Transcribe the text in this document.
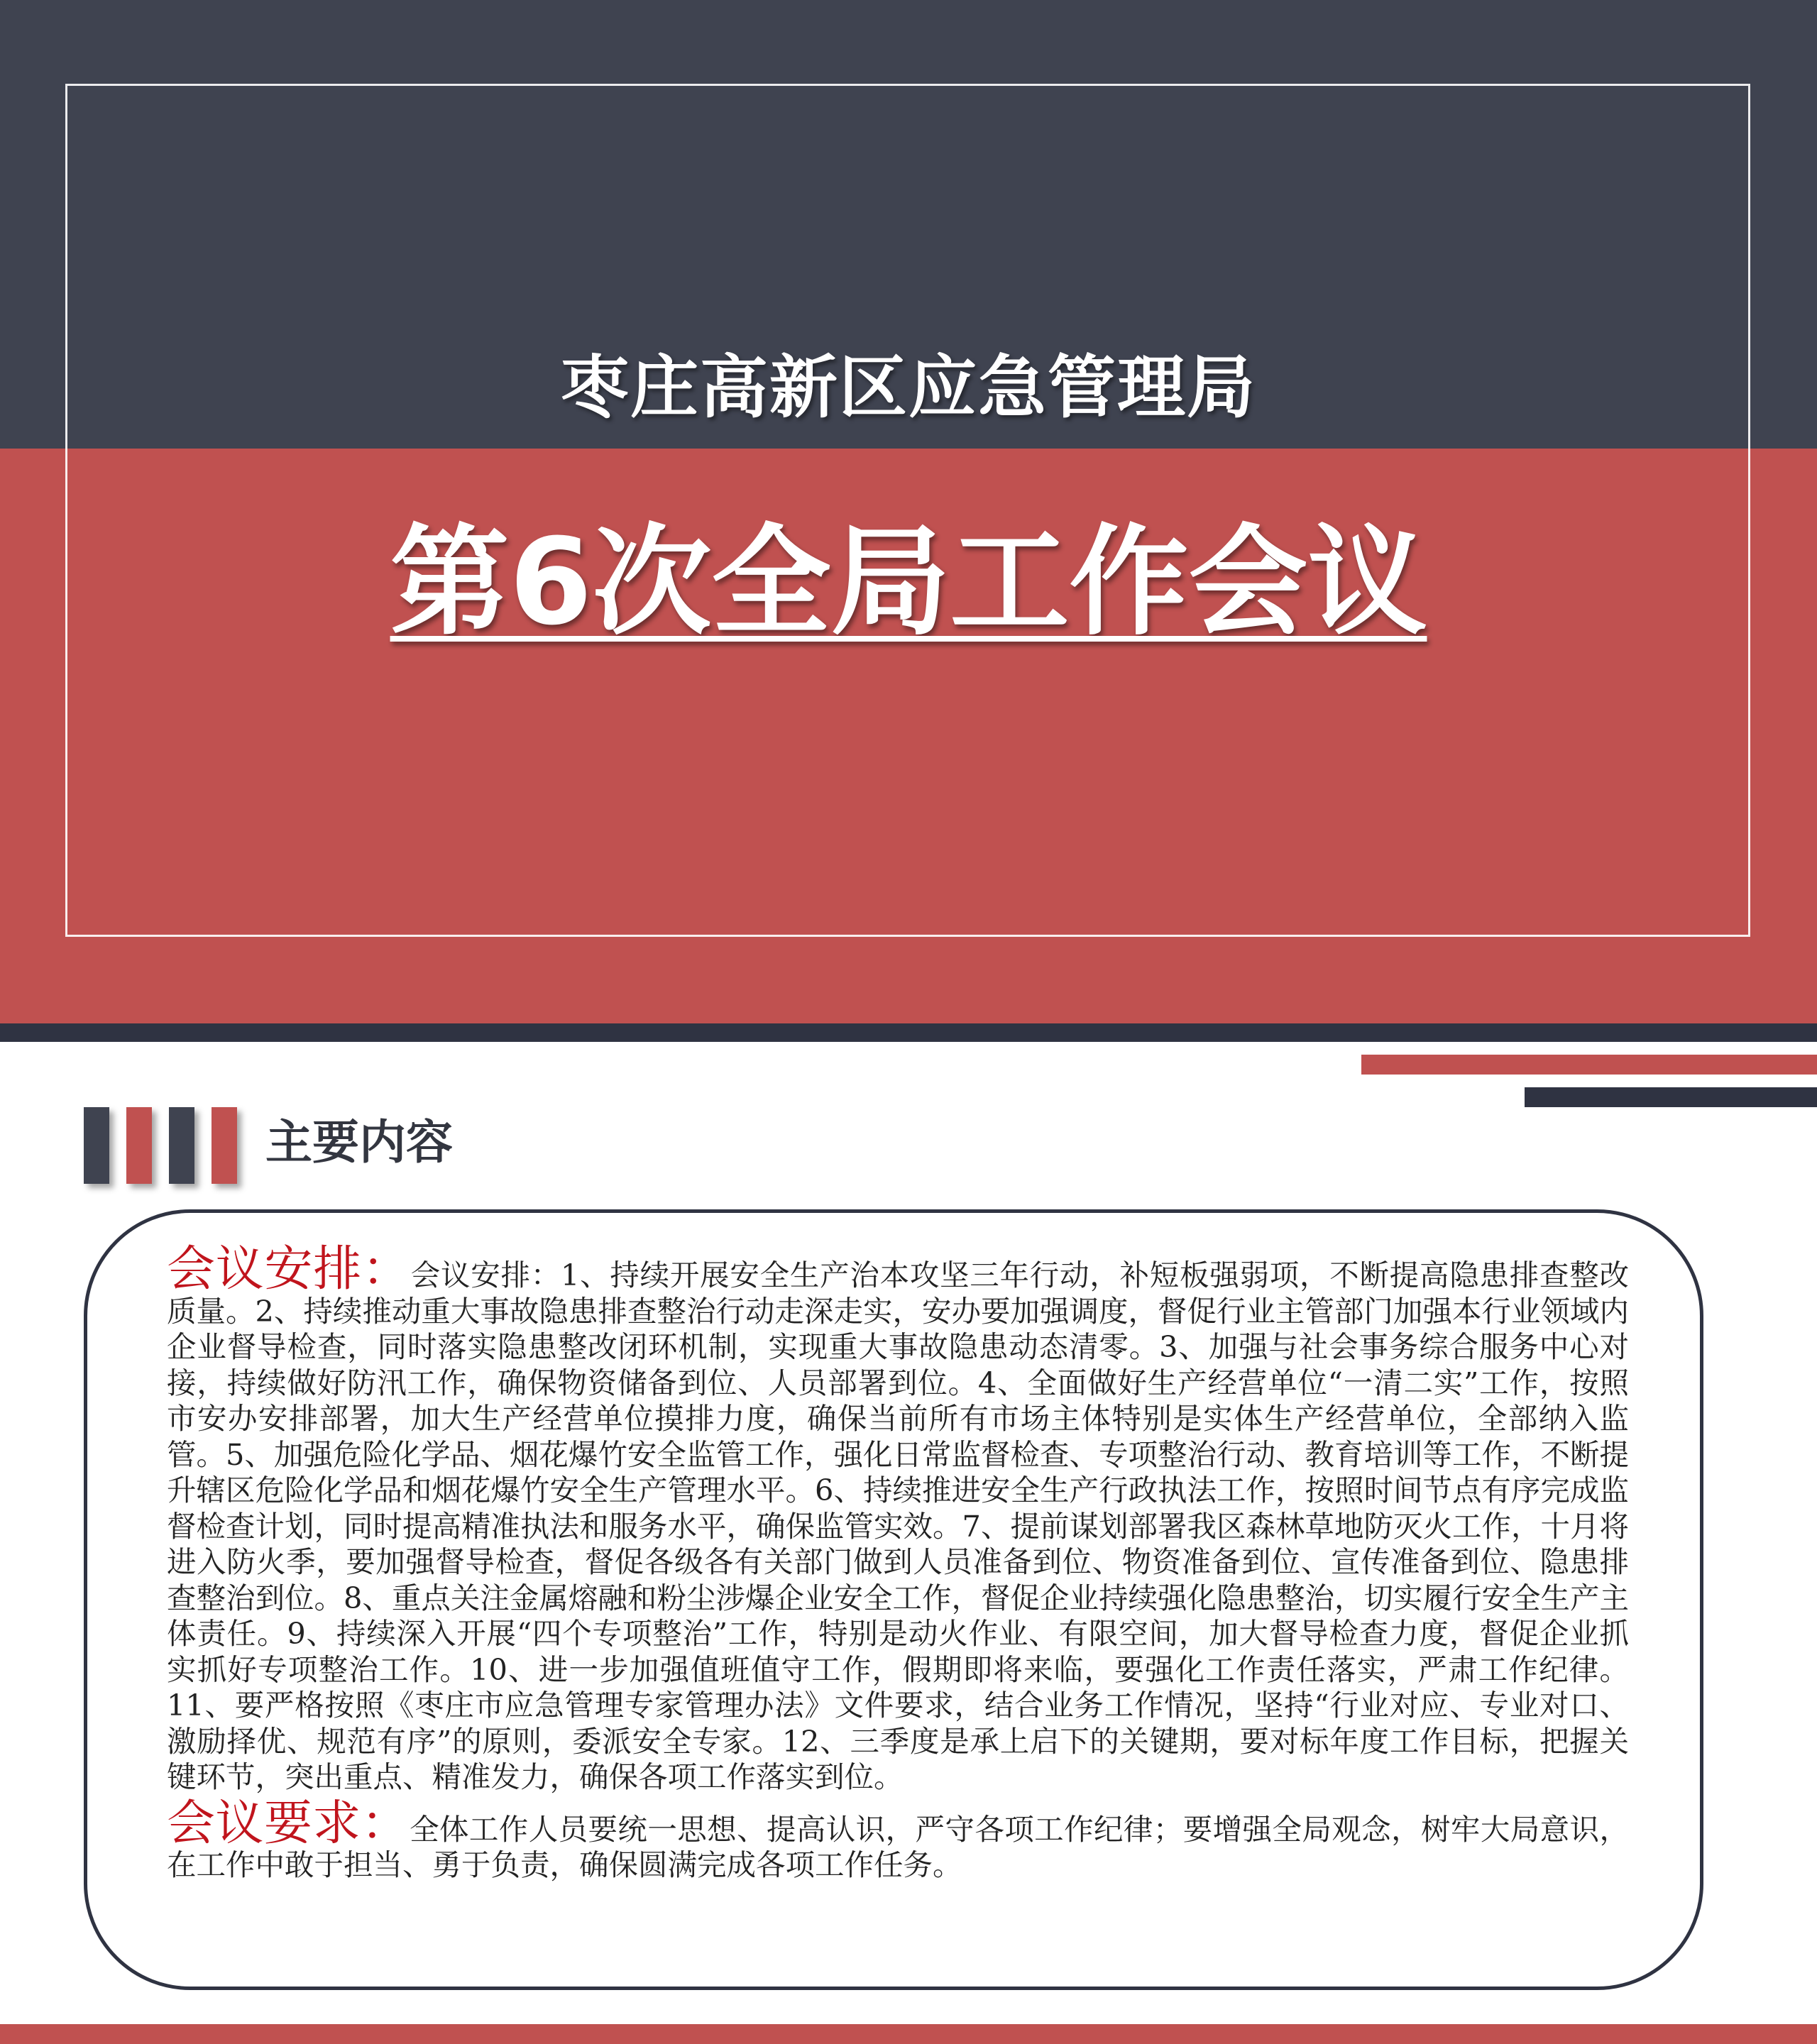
枣庄高新区应急管理局
第6次全局工作会议
主要内容

会议安排：会议安排：1、持续开展安全生产治本攻坚三年行动，补短板强弱项，不断提高隐患排查整改质量。2、持续推动重大事故隐患排查整治行动走深走实，安办要加强调度，督促行业主管部门加强本行业领域内企业督导检查，同时落实隐患整改闭环机制，实现重大事故隐患动态清零。3、加强与社会事务综合服务中心对接，持续做好防汛工作，确保物资储备到位、人员部署到位。4、全面做好生产经营单位“一清二实”工作，按照市安办安排部署，加大生产经营单位摸排力度，确保当前所有市场主体特别是实体生产经营单位，全部纳入监管。5、加强危险化学品、烟花爆竹安全监管工作，强化日常监督检查、专项整治行动、教育培训等工作，不断提升辖区危险化学品和烟花爆竹安全生产管理水平。6、持续推进安全生产行政执法工作，按照时间节点有序完成监督检查计划，同时提高精准执法和服务水平，确保监管实效。7、提前谋划部署我区森林草地防灭火工作，十月将进入防火季，要加强督导检查，督促各级各有关部门做到人员准备到位、物资准备到位、宣传准备到位、隐患排查整治到位。8、重点关注金属熔融和粉尘涉爆企业安全工作，督促企业持续强化隐患整治，切实履行安全生产主体责任。9、持续深入开展“四个专项整治”工作，特别是动火作业、有限空间，加大督导检查力度，督促企业抓实抓好专项整治工作。10、进一步加强值班值守工作，假期即将来临，要强化工作责任落实，严肃工作纪律。11、要严格按照《枣庄市应急管理专家管理办法》文件要求，结合业务工作情况，坚持“行业对应、专业对口、激励择优、规范有序”的原则，委派安全专家。12、三季度是承上启下的关键期，要对标年度工作目标，把握关键环节，突出重点、精准发力，确保各项工作落实到位。

会议要求：全体工作人员要统一思想、提高认识，严守各项工作纪律；要增强全局观念，树牢大局意识，在工作中敢于担当、勇于负责，确保圆满完成各项工作任务。
